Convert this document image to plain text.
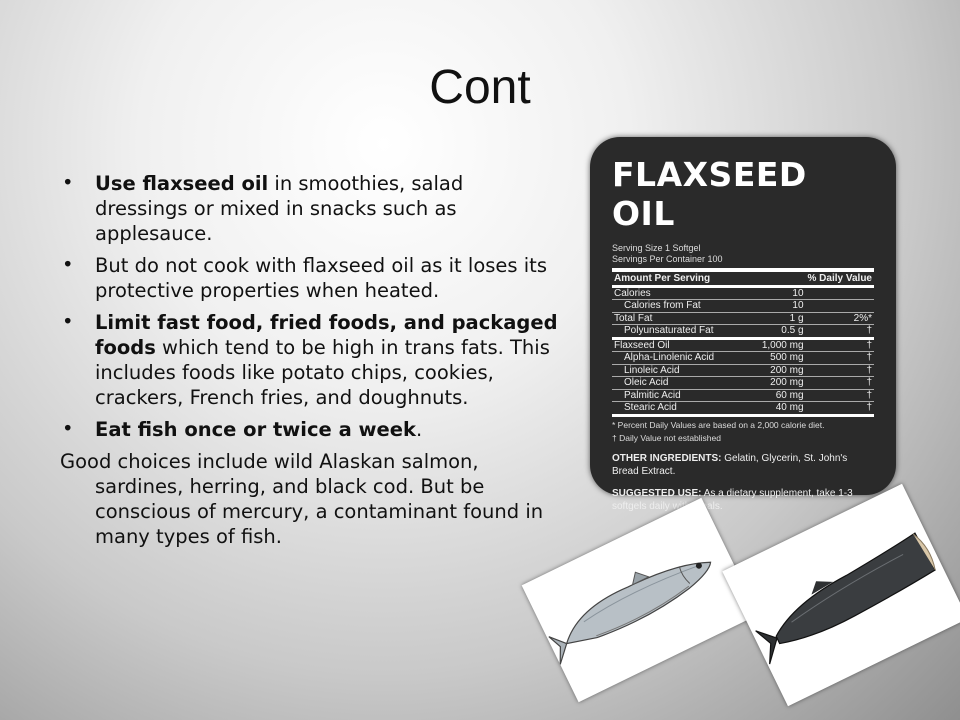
Cont
• Use flaxseed oil in smoothies, salad dressings or mixed in snacks such as applesauce.
• But do not cook with flaxseed oil as it loses its protective properties when heated.
• Limit fast food, fried foods, and packaged foods which tend to be high in trans fats. This includes foods like potato chips, cookies, crackers, French fries, and doughnuts.
• Eat fish once or twice a week.
Good choices include wild Alaskan salmon, sardines, herring, and black cod. But be conscious of mercury, a contaminant found in many types of fish.
FLAXSEED OIL
Serving Size 1 Softgel
Servings Per Container 100
Amount Per Serving		% Daily Value
Calories	10	
Calories from Fat	10	
Total Fat	1 g	2%*
Polyunsaturated Fat	0.5 g	†
Flaxseed Oil	1,000 mg	†
Alpha-Linolenic Acid	500 mg	†
Linoleic Acid	200 mg	†
Oleic Acid	200 mg	†
Palmitic Acid	60 mg	†
Stearic Acid	40 mg	†
* Percent Daily Values are based on a 2,000 calorie diet.
† Daily Value not established
OTHER INGREDIENTS: Gelatin, Glycerin, St. John's Bread Extract.
SUGGESTED USE: As a dietary supplement, take 1-3 softgels daily with meals.
